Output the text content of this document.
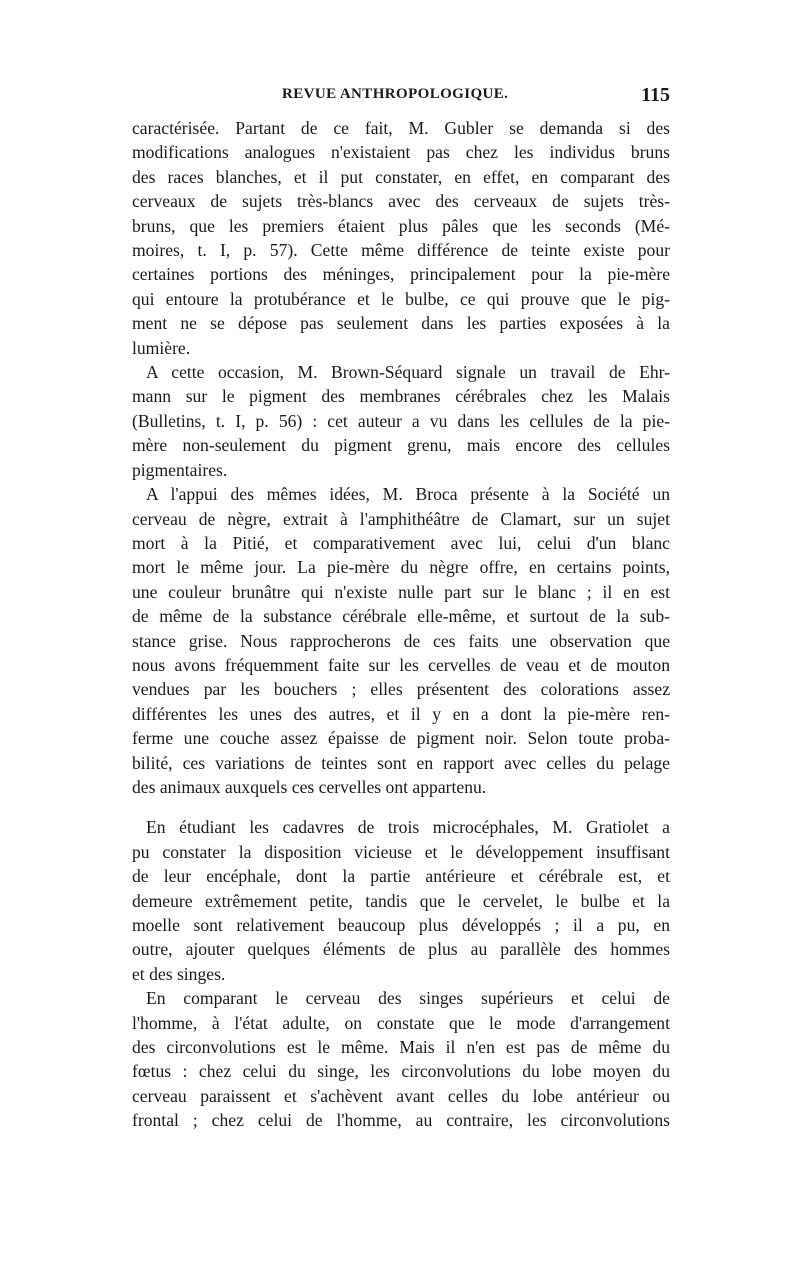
REVUE ANTHROPOLOGIQUE.	115

caractérisée. Partant de ce fait, M. Gubler se demanda si des
modifications analogues n'existaient pas chez les individus bruns
des races blanches, et il put constater, en effet, en comparant des
cerveaux de sujets très-blancs avec des cerveaux de sujets très-
bruns, que les premiers étaient plus pâles que les seconds (Mé-
moires, t. I, p. 57). Cette même différence de teinte existe pour
certaines portions des méninges, principalement pour la pie-mère
qui entoure la protubérance et le bulbe, ce qui prouve que le pig-
ment ne se dépose pas seulement dans les parties exposées à la
lumière.

A cette occasion, M. Brown-Séquard signale un travail de Ehr-
mann sur le pigment des membranes cérébrales chez les Malais
(Bulletins, t. I, p. 56) : cet auteur a vu dans les cellules de la pie-
mère non-seulement du pigment grenu, mais encore des cellules
pigmentaires.

A l'appui des mêmes idées, M. Broca présente à la Société un
cerveau de nègre, extrait à l'amphithéâtre de Clamart, sur un sujet
mort à la Pitié, et comparativement avec lui, celui d'un blanc
mort le même jour. La pie-mère du nègre offre, en certains points,
une couleur brunâtre qui n'existe nulle part sur le blanc ; il en est
de même de la substance cérébrale elle-même, et surtout de la sub-
stance grise. Nous rapprocherons de ces faits une observation que
nous avons fréquemment faite sur les cervelles de veau et de mouton
vendues par les bouchers ; elles présentent des colorations assez
différentes les unes des autres, et il y en a dont la pie-mère ren-
ferme une couche assez épaisse de pigment noir. Selon toute proba-
bilité, ces variations de teintes sont en rapport avec celles du pelage
des animaux auxquels ces cervelles ont appartenu.

En étudiant les cadavres de trois microcéphales, M. Gratiolet a
pu constater la disposition vicieuse et le développement insuffisant
de leur encéphale, dont la partie antérieure et cérébrale est, et
demeure extrêmement petite, tandis que le cervelet, le bulbe et la
moelle sont relativement beaucoup plus développés ; il a pu, en
outre, ajouter quelques éléments de plus au parallèle des hommes
et des singes.

En comparant le cerveau des singes supérieurs et celui de
l'homme, à l'état adulte, on constate que le mode d'arrangement
des circonvolutions est le même. Mais il n'en est pas de même du
fœtus : chez celui du singe, les circonvolutions du lobe moyen du
cerveau paraissent et s'achèvent avant celles du lobe antérieur ou
frontal ; chez celui de l'homme, au contraire, les circonvolutions
